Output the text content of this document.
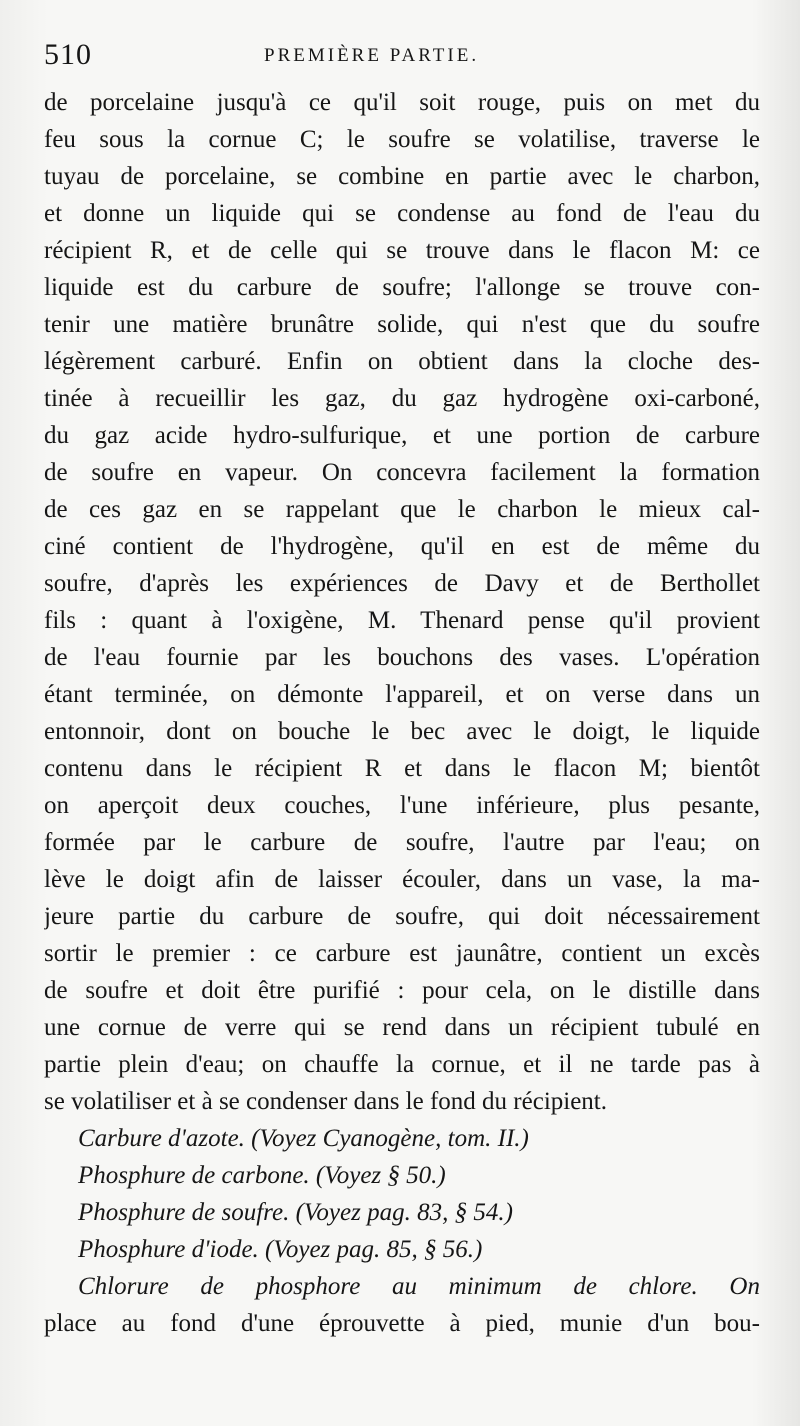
510	PREMIÈRE PARTIE.
de porcelaine jusqu'à ce qu'il soit rouge, puis on met du
feu sous la cornue C; le soufre se volatilise, traverse le
tuyau de porcelaine, se combine en partie avec le charbon,
et donne un liquide qui se condense au fond de l'eau du
récipient R, et de celle qui se trouve dans le flacon M: ce
liquide est du carbure de soufre; l'allonge se trouve con-
tenir une matière brunâtre solide, qui n'est que du soufre
légèrement carburé. Enfin on obtient dans la cloche des-
tinée à recueillir les gaz, du gaz hydrogène oxi-carboné,
du gaz acide hydro-sulfurique, et une portion de carbure
de soufre en vapeur. On concevra facilement la formation
de ces gaz en se rappelant que le charbon le mieux cal-
ciné contient de l'hydrogène, qu'il en est de même du
soufre, d'après les expériences de Davy et de Berthollet
fils : quant à l'oxigène, M. Thenard pense qu'il provient
de l'eau fournie par les bouchons des vases. L'opération
étant terminée, on démonte l'appareil, et on verse dans un
entonnoir, dont on bouche le bec avec le doigt, le liquide
contenu dans le récipient R et dans le flacon M; bientôt
on aperçoit deux couches, l'une inférieure, plus pesante,
formée par le carbure de soufre, l'autre par l'eau; on
lève le doigt afin de laisser écouler, dans un vase, la ma-
jeure partie du carbure de soufre, qui doit nécessairement
sortir le premier : ce carbure est jaunâtre, contient un excès
de soufre et doit être purifié : pour cela, on le distille dans
une cornue de verre qui se rend dans un récipient tubulé en
partie plein d'eau; on chauffe la cornue, et il ne tarde pas à
se volatiliser et à se condenser dans le fond du récipient.
Carbure d'azote. (Voyez Cyanogène, tom. II.)
Phosphure de carbone. (Voyez § 50.)
Phosphure de soufre. (Voyez pag. 83, § 54.)
Phosphure d'iode. (Voyez pag. 85, § 56.)
Chlorure de phosphore au minimum de chlore. On
place au fond d'une éprouvette à pied, munie d'un bou-
